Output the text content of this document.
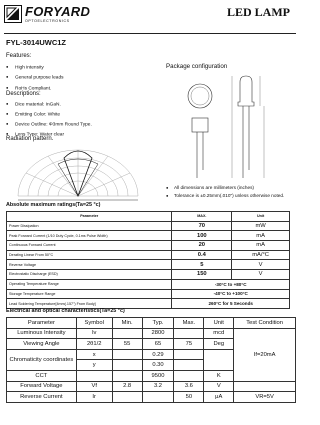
FORYARD
OPTOELECTRONICS
LED LAMP
FYL-3014UWC1Z
Features:
● High intensity
● General purpose leads
● RoHs Compliant.
Descriptions:
● Dice material: InGaN.
● Emitting Color: White
● Device Outline: Φ3mm Round Type.
● Lens Type: Water clear
Radiation pattern.
Package configuration
● All dimensions are millimeters (inches)
● Tolerance is ±0.25mm(.010") unless otherwise noted.
Absolute maximum ratings(Ta=25 °c)
Parameter	MAX.	Unit
Power Dissipation	70	mW
Peak Forward Current (1/10 Duty Cycle, 0.1ms Pulse Width)	100	mA
Continuous Forward Current	20	mA
Derating Linear From 50°C	0.4	mA/°C
Reverse Voltage	5	V
Electrostatic Discharge (ESD)	150	V
Operating Temperature Range	-30°C to +80°C	
Storage Temperature Range	-40°C to +100°C	
Lead Soldering Temperature[4mm(.157") From Body]	260°C for 5 Seconds	
Electrical and optical characteristics(Ta=25 °c)
Parameter	Symbol	Min.	Typ.	Max.	Unit	Test Condition
Luminous Intensity	Iv		2800		mcd	If=20mA
Viewing Angle	2θ1/2	55	65	75	Deg	
Chromaticity coordinates	x		0.29			
	y		0.30			
CCT			9500		K	
Forward Voltage	Vf	2.8	3.2	3.6	V	
Reverse Current	Ir			50	μA	VR=5V
